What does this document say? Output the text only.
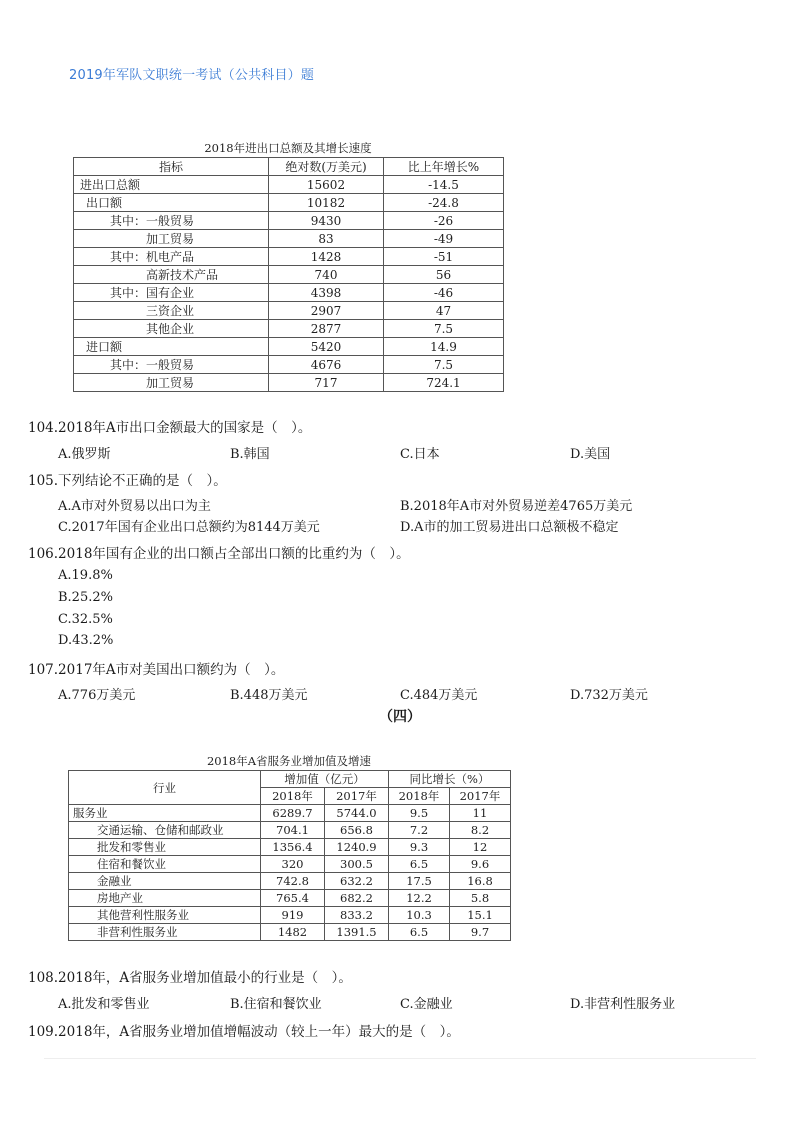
2019年军队文职统一考试（公共科目）题
2018年进出口总额及其增长速度
指标	绝对数(万美元)	比上年增长%
进出口总额	15602	-14.5
出口额	10182	-24.8
其中：一般贸易	9430	-26
加工贸易	83	-49
其中：机电产品	1428	-51
高新技术产品	740	56
其中：国有企业	4398	-46
三资企业	2907	47
其他企业	2877	7.5
进口额	5420	14.9
其中：一般贸易	4676	7.5
加工贸易	717	724.1
104.2018年A市出口金额最大的国家是（　）。
A.俄罗斯	B.韩国	C.日本	D.美国
105.下列结论不正确的是（　）。
A.A市对外贸易以出口为主	B.2018年A市对外贸易逆差4765万美元
C.2017年国有企业出口总额约为8144万美元	D.A市的加工贸易进出口总额极不稳定
106.2018年国有企业的出口额占全部出口额的比重约为（　）。
A.19.8%
B.25.2%
C.32.5%
D.43.2%
107.2017年A市对美国出口额约为（　）。
A.776万美元	B.448万美元	C.484万美元	D.732万美元
（四）
2018年A省服务业增加值及增速
行业	增加值（亿元）		同比增长（%）	
	2018年	2017年	2018年	2017年
服务业	6289.7	5744.0	9.5	11
交通运输、仓储和邮政业	704.1	656.8	7.2	8.2
批发和零售业	1356.4	1240.9	9.3	12
住宿和餐饮业	320	300.5	6.5	9.6
金融业	742.8	632.2	17.5	16.8
房地产业	765.4	682.2	12.2	5.8
其他营利性服务业	919	833.2	10.3	15.1
非营利性服务业	1482	1391.5	6.5	9.7
108.2018年，A省服务业增加值最小的行业是（　）。
A.批发和零售业	B.住宿和餐饮业	C.金融业	D.非营利性服务业
109.2018年，A省服务业增加值增幅波动（较上一年）最大的是（　）。
